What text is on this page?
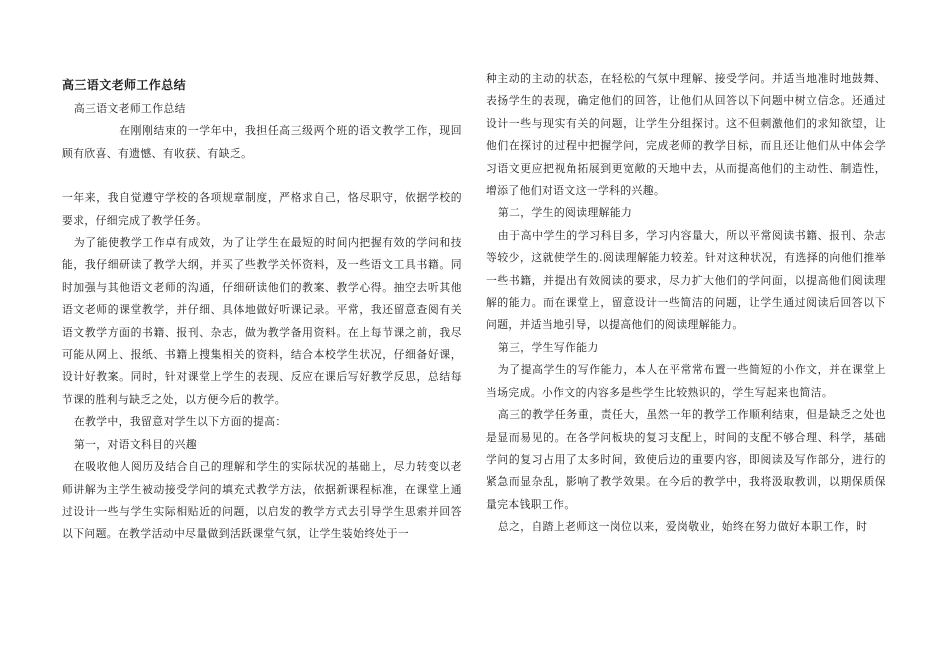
高三语文老师工作总结

高三语文老师工作总结

在刚刚结束的一学年中，我担任高三级两个班的语文教学工作，现回顾有欣喜、有遗憾、有收获、有缺乏。

一年来，我自觉遵守学校的各项规章制度，严格求自己，恪尽职守，依据学校的要求，仔细完成了教学任务。

为了能使教学工作卓有成效，为了让学生在最短的时间内把握有效的学问和技能，我仔细研读了教学大纲，并买了些教学关怀资料，及一些语文工具书籍。同时加强与其他语文老师的沟通，仔细研读他们的教案、教学心得。抽空去听其他语文老师的课堂教学，并仔细、具体地做好听课记录。平常，我还留意查阅有关语文教学方面的书籍、报刊、杂志，做为教学备用资料。在上每节课之前，我尽可能从网上、报纸、书籍上搜集相关的资料，结合本校学生状况，仔细备好课，设计好教案。同时，针对课堂上学生的表现、反应在课后写好教学反思，总结每节课的胜利与缺乏之处，以方便今后的教学。

在教学中，我留意对学生以下方面的提高：

第一，对语文科目的兴趣

在吸收他人阅历及结合自己的理解和学生的实际状况的基础上，尽力转变以老师讲解为主学生被动接受学问的填充式教学方法，依据新课程标准，在课堂上通过设计一些与学生实际相贴近的问题，以启发的教学方式去引导学生思索并回答以下问题。在教学活动中尽量做到活跃课堂气氛，让学生装始终处于一

种主动的主动的状态，在轻松的气氛中理解、接受学问。并适当地准时地鼓舞、表扬学生的表现，确定他们的回答，让他们从回答以下问题中树立信念。还通过设计一些与现实有关的问题，让学生分组探讨。这不但刺激他们的求知欲望，让他们在探讨的过程中把握学问，完成老师的教学目标，而且还让他们从中体会学习语文更应把视角拓展到更宽敞的天地中去，从而提高他们的主动性、制造性，增添了他们对语文这一学科的兴趣。

第二，学生的阅读理解能力

由于高中学生的学习科目多，学习内容量大，所以平常阅读书籍、报刊、杂志等较少，这就使学生的.阅读理解能力较差。针对这种状况，有选择的向他们推举一些书籍，并提出有效阅读的要求，尽力扩大他们的学问面，以提高他们阅读理解的能力。而在课堂上，留意设计一些简洁的问题，让学生通过阅读后回答以下问题，并适当地引导，以提高他们的阅读理解能力。

第三，学生写作能力

为了提高学生的写作能力，本人在平常常布置一些简短的小作文，并在课堂上当场完成。小作文的内容多是些学生比较熟识的，学生写起来也简洁。

高三的教学任务重，责任大，虽然一年的教学工作顺利结束，但是缺乏之处也是显而易见的。在各学问板块的复习支配上，时间的支配不够合理、科学，基础学问的复习占用了太多时间，致使后边的重要内容，即阅读及写作部分，进行的紧急而显杂乱，影响了教学效果。在今后的教学中，我将汲取教训，以期保质保量完本钱职工作。

总之，自踏上老师这一岗位以来，爱岗敬业，始终在努力做好本职工作，时
